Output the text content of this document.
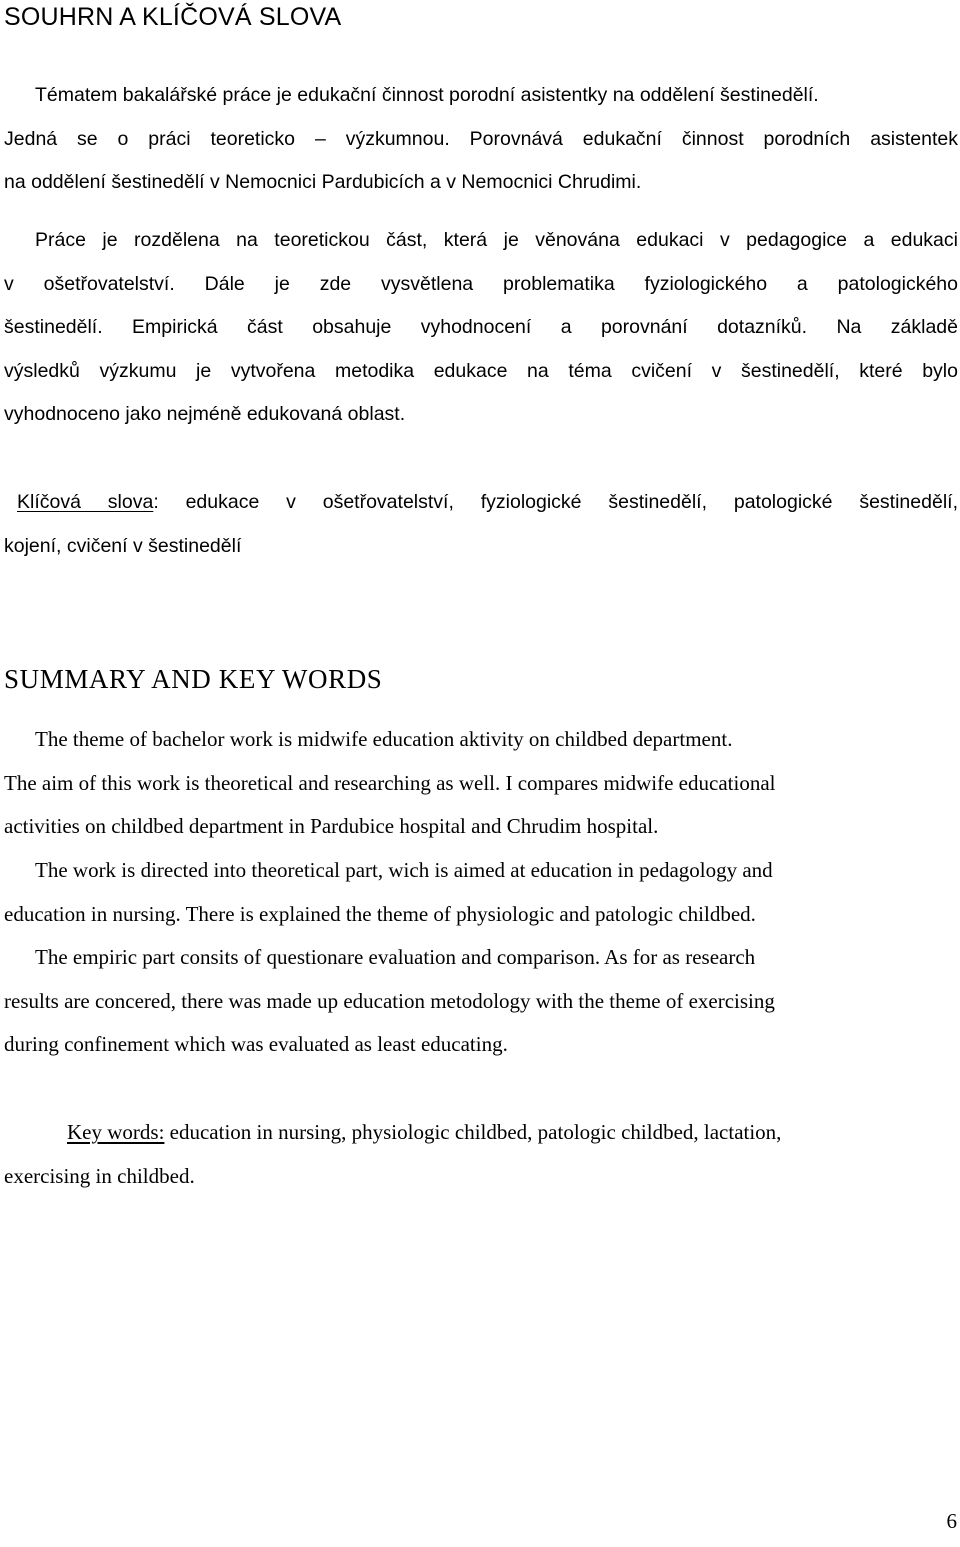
SOUHRN A KLÍČOVÁ SLOVA
Tématem bakalářské práce je edukační činnost porodní asistentky na oddělení šestinedělí.
Jedná se o práci teoreticko – výzkumnou. Porovnává edukační činnost porodních asistentek
na oddělení šestinedělí v Nemocnici Pardubicích a v Nemocnici Chrudimi.
Práce je rozdělena na teoretickou část, která je věnována edukaci v pedagogice a edukaci
v ošetřovatelství. Dále je zde vysvětlena problematika fyziologického a patologického
šestinedělí. Empirická část obsahuje vyhodnocení a porovnání dotazníků. Na základě
výsledků výzkumu je vytvořena metodika edukace na téma cvičení v šestinedělí, které bylo
vyhodnoceno jako nejméně edukovaná oblast.
Klíčová slova: edukace v ošetřovatelství, fyziologické šestinedělí, patologické šestinedělí,
kojení, cvičení v šestinedělí
SUMMARY AND KEY WORDS
The theme of bachelor work is midwife education aktivity on childbed department.
The aim of this work is theoretical and researching as well. I compares midwife educational
activities on childbed department in Pardubice hospital and Chrudim hospital.
The work is directed into theoretical part, wich is aimed at education in pedagology and
education in nursing. There is explained the theme of physiologic and patologic childbed.
The empiric part consits of questionare evaluation and comparison. As for as research
results are concered, there was made up education metodology with the theme of exercising
during confinement which was evaluated as least educating.
Key words: education in nursing, physiologic childbed, patologic childbed, lactation,
exercising in childbed.
6
